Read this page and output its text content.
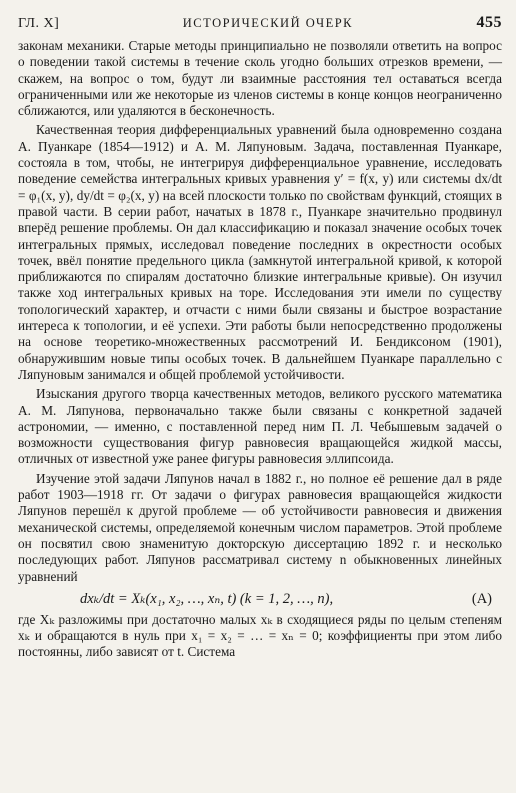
ГЛ. X]	ИСТОРИЧЕСКИЙ ОЧЕРК	455

законам механики. Старые методы принципиально не позволяли ответить на вопрос о поведении такой системы в течение сколь угодно больших отрезков времени, — скажем, на вопрос о том, будут ли взаимные расстояния тел оставаться всегда ограниченными или же некоторые из членов системы в конце концов неограниченно сближаются, или удаляются в бесконечность.

Качественная теория дифференциальных уравнений была одновременно создана А. Пуанкаре (1854—1912) и А. М. Ляпуновым. Задача, поставленная Пуанкаре, состояла в том, чтобы, не интегрируя дифференциальное уравнение, исследовать поведение семейства интегральных кривых уравнения y′ = f(x, y) или системы dx/dt = φ₁(x, y), dy/dt = φ₂(x, y) на всей плоскости только по свойствам функций, стоящих в правой части. В серии работ, начатых в 1878 г., Пуанкаре значительно продвинул вперёд решение проблемы. Он дал классификацию и показал значение особых точек интегральных прямых, исследовал поведение последних в окрестности особых точек, ввёл понятие предельного цикла (замкнутой интегральной кривой, к которой приближаются по спиралям достаточно близкие интегральные кривые). Он изучил также ход интегральных кривых на торе. Исследования эти имели по существу топологический характер, и отчасти с ними были связаны и быстрое возрастание интереса к топологии, и её успехи. Эти работы были непосредственно продолжены на основе теоретико-множественных рассмотрений И. Бендиксоном (1901), обнаружившим новые типы особых точек. В дальнейшем Пуанкаре параллельно с Ляпуновым занимался и общей проблемой устойчивости.

Изыскания другого творца качественных методов, великого русского математика А. М. Ляпунова, первоначально также были связаны с конкретной задачей астрономии, — именно, с поставленной перед ним П. Л. Чебышевым задачей о возможности существования фигур равновесия вращающейся жидкой массы, отличных от известной уже ранее фигуры равновесия эллипсоида.

Изучение этой задачи Ляпунов начал в 1882 г., но полное её решение дал в ряде работ 1903—1918 гг. От задачи о фигурах равновесия вращающейся жидкости Ляпунов перешёл к другой проблеме — об устойчивости равновесия и движения механической системы, определяемой конечным числом параметров. Этой проблеме он посвятил свою знаменитую докторскую диссертацию 1892 г. и несколько последующих работ. Ляпунов рассматривал систему n обыкновенных линейных уравнений

dxₖ/dt = Xₖ(x₁, x₂, …, xₙ, t) (k = 1, 2, …, n),	(A)

где Xₖ разложимы при достаточно малых xₖ в сходящиеся ряды по целым степеням xₖ и обращаются в нуль при x₁ = x₂ = … = xₙ = 0; коэффициенты при этом либо постоянны, либо зависят от t. Система
